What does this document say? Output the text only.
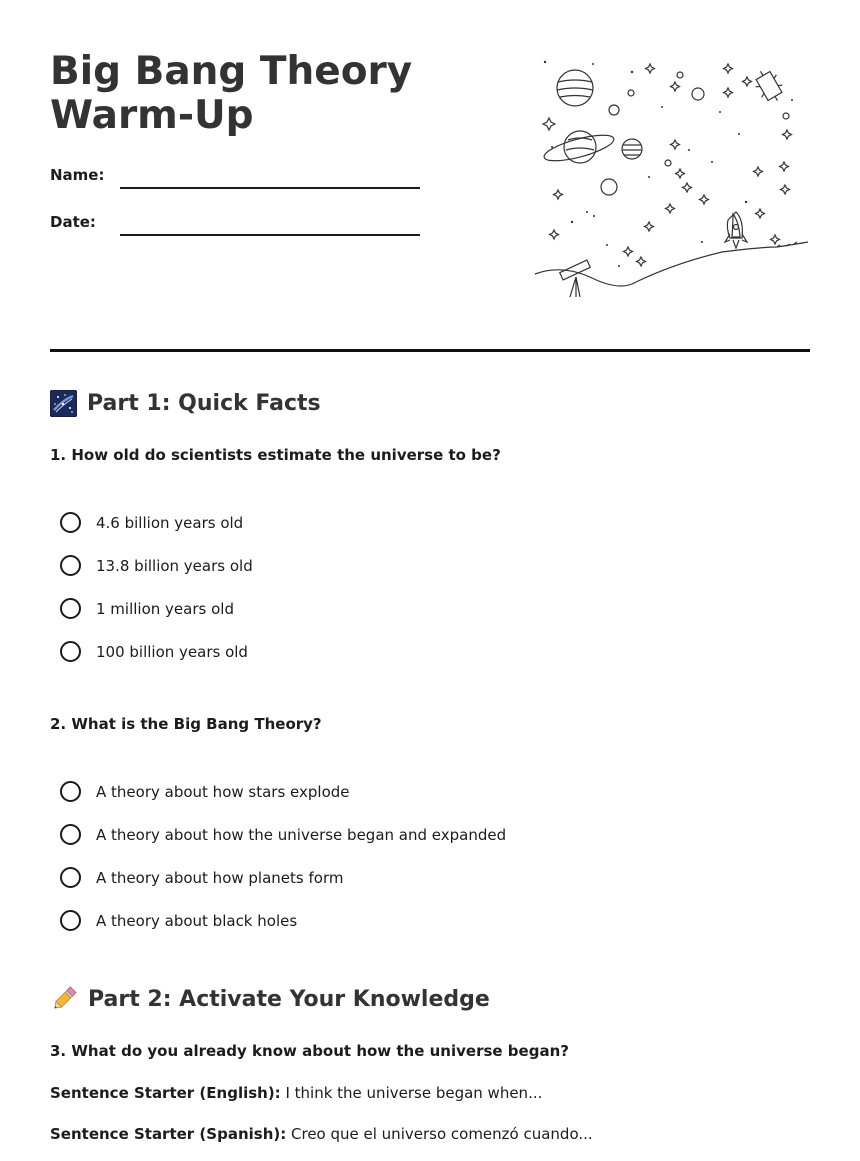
Big Bang Theory Warm-Up
Name:
Date:
Part 1: Quick Facts
1. How old do scientists estimate the universe to be?
4.6 billion years old
13.8 billion years old
1 million years old
100 billion years old
2. What is the Big Bang Theory?
A theory about how stars explode
A theory about how the universe began and expanded
A theory about how planets form
A theory about black holes
Part 2: Activate Your Knowledge
3. What do you already know about how the universe began?
Sentence Starter (English): I think the universe began when...
Sentence Starter (Spanish): Creo que el universo comenzó cuando...
